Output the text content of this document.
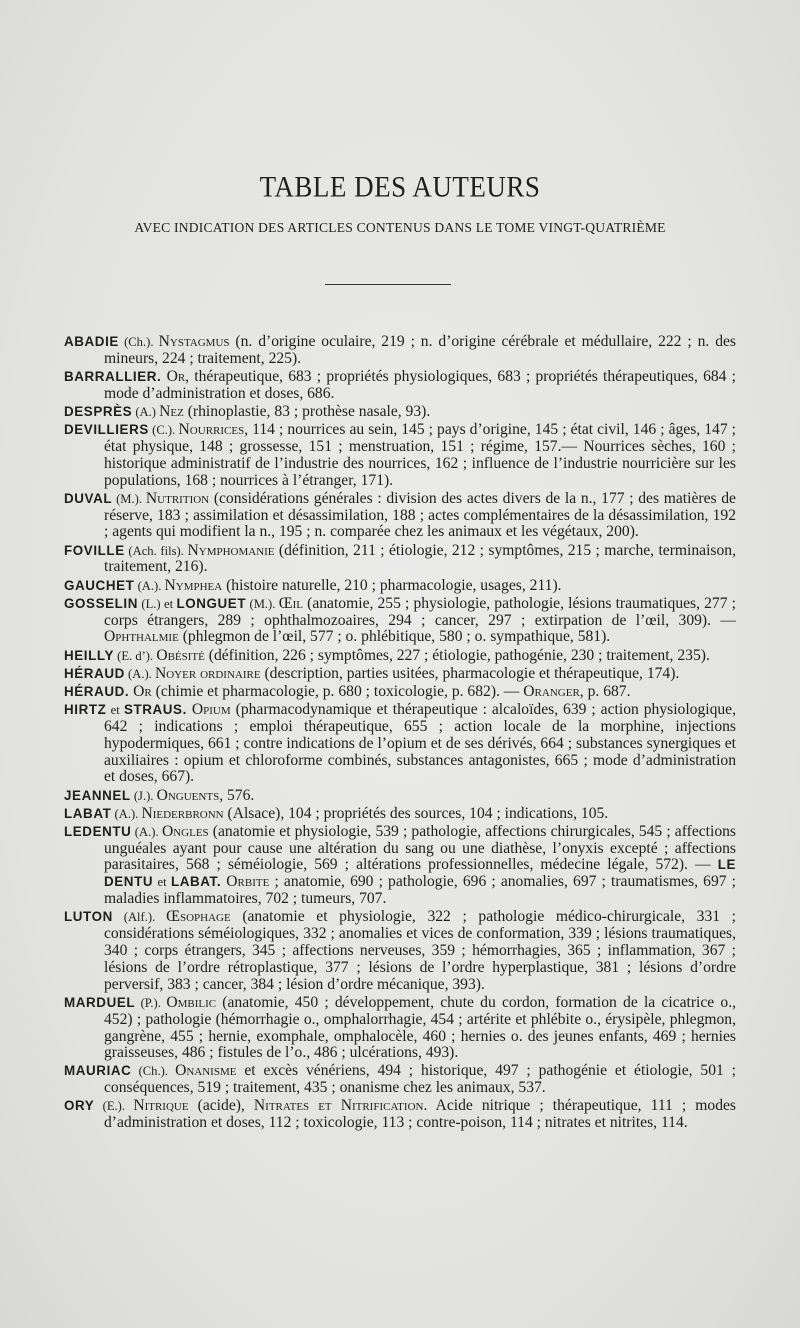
TABLE DES AUTEURS
AVEC INDICATION DES ARTICLES CONTENUS DANS LE TOME VINGT-QUATRIÈME

ABADIE (Ch.). Nystagmus (n. d’origine oculaire, 219 ; n. d’origine cérébrale et médullaire, 222 ; n. des mineurs, 224 ; traitement, 225).

BARRALLIER. Or, thérapeutique, 683 ; propriétés physiologiques, 683 ; propriétés thérapeutiques, 684 ; mode d’administration et doses, 686.

DESPRÈS (A.) Nez (rhinoplastie, 83 ; prothèse nasale, 93).

DEVILLIERS (C.). Nourrices, 114 ; nourrices au sein, 145 ; pays d’origine, 145 ; état civil, 146 ; âges, 147 ; état physique, 148 ; grossesse, 151 ; menstruation, 151 ; régime, 157.— Nourrices sèches, 160 ; historique administratif de l’industrie des nourrices, 162 ; influence de l’industrie nourricière sur les populations, 168 ; nourrices à l’étranger, 171).

DUVAL (M.). Nutrition (considérations générales : division des actes divers de la n., 177 ; des matières de réserve, 183 ; assimilation et désassimilation, 188 ; actes complémentaires de la désassimilation, 192 ; agents qui modifient la n., 195 ; n. comparée chez les animaux et les végétaux, 200).

FOVILLE (Ach. fils). Nymphomanie (définition, 211 ; étiologie, 212 ; symptômes, 215 ; marche, terminaison, traitement, 216).

GAUCHET (A.). Nymphea (histoire naturelle, 210 ; pharmacologie, usages, 211).

GOSSELIN (L.) et LONGUET (M.). Œil (anatomie, 255 ; physiologie, pathologie, lésions traumatiques, 277 ; corps étrangers, 289 ; ophthalmozoaires, 294 ; cancer, 297 ; extirpation de l’œil, 309). — Ophthalmie (phlegmon de l’œil, 577 ; o. phlébitique, 580 ; o. sympathique, 581).

HEILLY (E. d’). Obésité (définition, 226 ; symptômes, 227 ; étiologie, pathogénie, 230 ; traitement, 235).

HÉRAUD (A.). Noyer ordinaire (description, parties usitées, pharmacologie et thérapeutique, 174).

HÉRAUD. Or (chimie et pharmacologie, p. 680 ; toxicologie, p. 682). — Oranger, p. 687.

HIRTZ et STRAUS. Opium (pharmacodynamique et thérapeutique : alcaloïdes, 639 ; action physiologique, 642 ; indications ; emploi thérapeutique, 655 ; action locale de la morphine, injections hypodermiques, 661 ; contre indications de l’opium et de ses dérivés, 664 ; substances synergiques et auxiliaires : opium et chloroforme combinés, substances antagonistes, 665 ; mode d’administration et doses, 667).

JEANNEL (J.). Onguents, 576.

LABAT (A.). Niederbronn (Alsace), 104 ; propriétés des sources, 104 ; indications, 105.

LEDENTU (A.). Ongles (anatomie et physiologie, 539 ; pathologie, affections chirurgicales, 545 ; affections unguéales ayant pour cause une altération du sang ou une diathèse, l’onyxis excepté ; affections parasitaires, 568 ; séméiologie, 569 ; altérations professionnelles, médecine légale, 572). — LE DENTU et LABAT. Orbite ; anatomie, 690 ; pathologie, 696 ; anomalies, 697 ; traumatismes, 697 ; maladies inflammatoires, 702 ; tumeurs, 707.

LUTON (Alf.). Œsophage (anatomie et physiologie, 322 ; pathologie médico-chirurgicale, 331 ; considérations séméiologiques, 332 ; anomalies et vices de conformation, 339 ; lésions traumatiques, 340 ; corps étrangers, 345 ; affections nerveuses, 359 ; hémorrhagies, 365 ; inflammation, 367 ; lésions de l’ordre rétroplastique, 377 ; lésions de l’ordre hyperplastique, 381 ; lésions d’ordre perversif, 383 ; cancer, 384 ; lésion d’ordre mécanique, 393).

MARDUEL (P.). Ombilic (anatomie, 450 ; développement, chute du cordon, formation de la cicatrice o., 452) ; pathologie (hémorrhagie o., omphalorrhagie, 454 ; artérite et phlébite o., érysipèle, phlegmon, gangrène, 455 ; hernie, exomphale, omphalocèle, 460 ; hernies o. des jeunes enfants, 469 ; hernies graisseuses, 486 ; fistules de l’o., 486 ; ulcérations, 493).

MAURIAC (Ch.). Onanisme et excès vénériens, 494 ; historique, 497 ; pathogénie et étiologie, 501 ; conséquences, 519 ; traitement, 435 ; onanisme chez les animaux, 537.

ORY (E.). Nitrique (acide), Nitrates et Nitrification. Acide nitrique ; thérapeutique, 111 ; modes d’administration et doses, 112 ; toxicologie, 113 ; contre-poison, 114 ; nitrates et nitrites, 114.
